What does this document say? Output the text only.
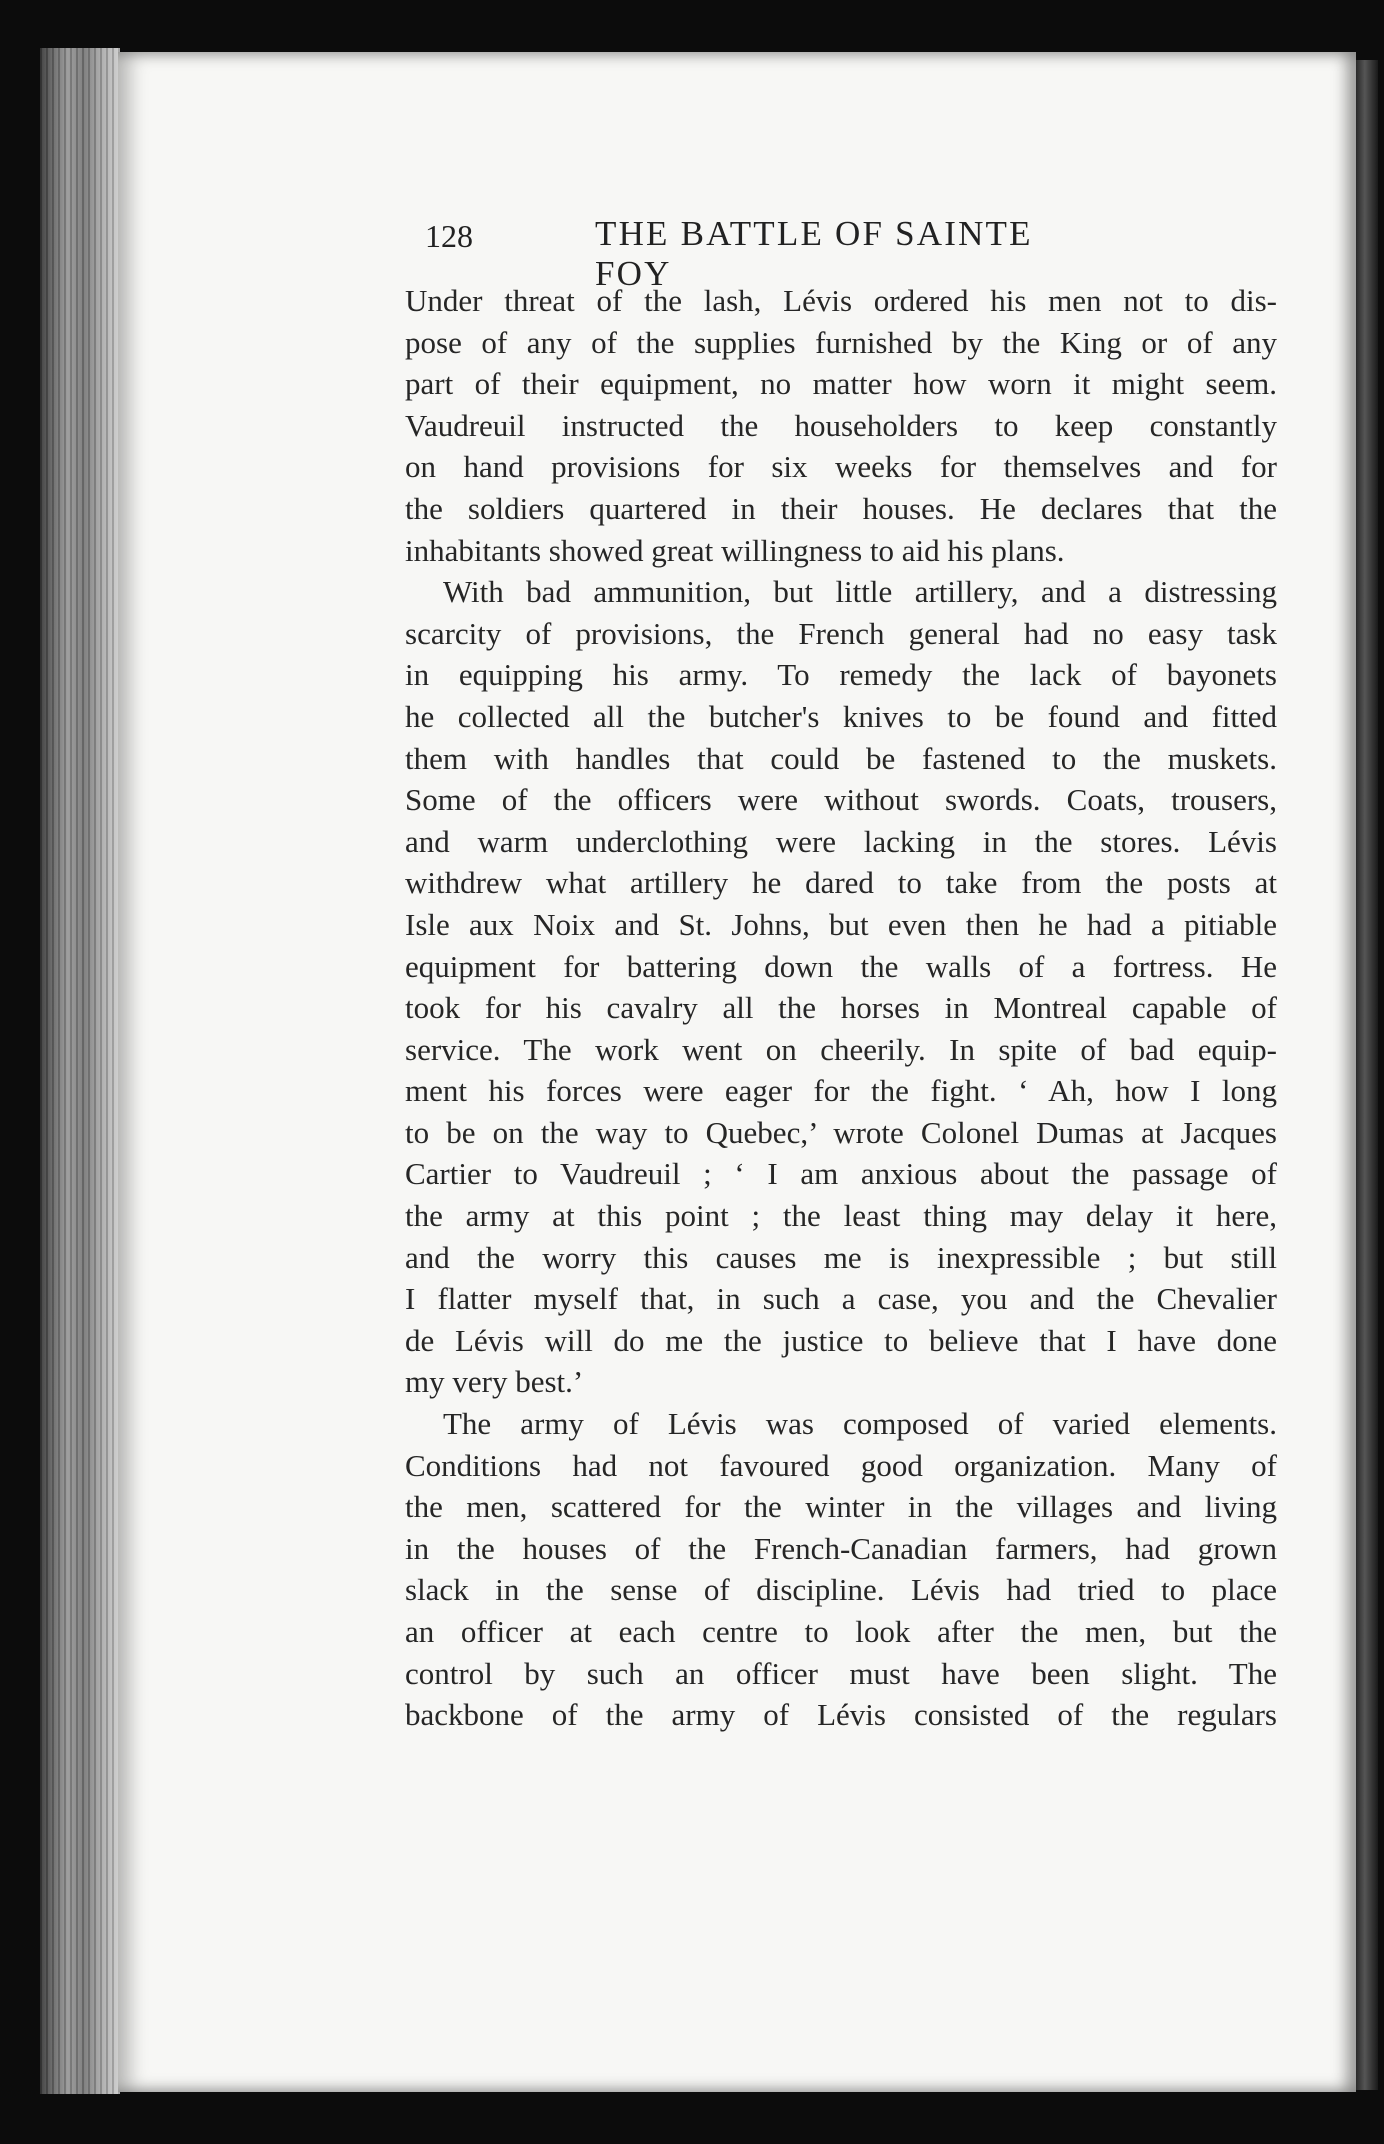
128	THE BATTLE OF SAINTE FOY

Under threat of the lash, Lévis ordered his men not to dis-
pose of any of the supplies furnished by the King or of any
part of their equipment, no matter how worn it might seem.
Vaudreuil instructed the householders to keep constantly
on hand provisions for six weeks for themselves and for
the soldiers quartered in their houses. He declares that the
inhabitants showed great willingness to aid his plans.

With bad ammunition, but little artillery, and a distressing
scarcity of provisions, the French general had no easy task
in equipping his army. To remedy the lack of bayonets
he collected all the butcher's knives to be found and fitted
them with handles that could be fastened to the muskets.
Some of the officers were without swords. Coats, trousers,
and warm underclothing were lacking in the stores. Lévis
withdrew what artillery he dared to take from the posts at
Isle aux Noix and St. Johns, but even then he had a pitiable
equipment for battering down the walls of a fortress. He
took for his cavalry all the horses in Montreal capable of
service. The work went on cheerily. In spite of bad equip-
ment his forces were eager for the fight. ‘ Ah, how I long
to be on the way to Quebec,’ wrote Colonel Dumas at Jacques
Cartier to Vaudreuil ; ‘ I am anxious about the passage of
the army at this point ; the least thing may delay it here,
and the worry this causes me is inexpressible ; but still
I flatter myself that, in such a case, you and the Chevalier
de Lévis will do me the justice to believe that I have done
my very best.’

The army of Lévis was composed of varied elements.
Conditions had not favoured good organization. Many of
the men, scattered for the winter in the villages and living
in the houses of the French-Canadian farmers, had grown
slack in the sense of discipline. Lévis had tried to place
an officer at each centre to look after the men, but the
control by such an officer must have been slight. The
backbone of the army of Lévis consisted of the regulars
